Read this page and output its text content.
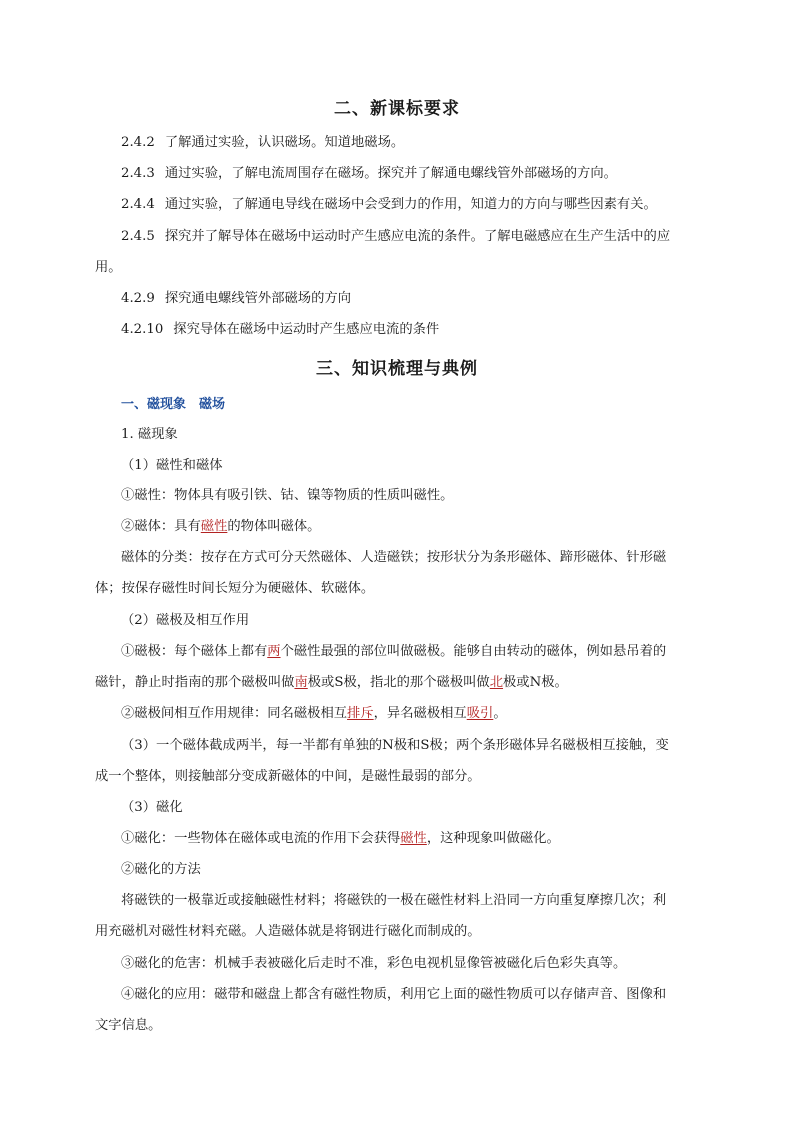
二、新课标要求
2.4.2 了解通过实验，认识磁场。知道地磁场。
2.4.3 通过实验，了解电流周围存在磁场。探究并了解通电螺线管外部磁场的方向。
2.4.4 通过实验，了解通电导线在磁场中会受到力的作用，知道力的方向与哪些因素有关。
2.4.5 探究并了解导体在磁场中运动时产生感应电流的条件。了解电磁感应在生产生活中的应
用。
4.2.9 探究通电螺线管外部磁场的方向
4.2.10 探究导体在磁场中运动时产生感应电流的条件
三、知识梳理与典例
一、磁现象　磁场
1. 磁现象
（1）磁性和磁体
①磁性：物体具有吸引铁、钴、镍等物质的性质叫磁性。
②磁体：具有磁性的物体叫磁体。
磁体的分类：按存在方式可分天然磁体、人造磁铁；按形状分为条形磁体、蹄形磁体、针形磁
体；按保存磁性时间长短分为硬磁体、软磁体。
（2）磁极及相互作用
①磁极：每个磁体上都有两个磁性最强的部位叫做磁极。能够自由转动的磁体，例如悬吊着的
磁针，静止时指南的那个磁极叫做南极或S极，指北的那个磁极叫做北极或N极。
②磁极间相互作用规律：同名磁极相互排斥，异名磁极相互吸引。
（3）一个磁体截成两半，每一半都有单独的N极和S极；两个条形磁体异名磁极相互接触，变
成一个整体，则接触部分变成新磁体的中间，是磁性最弱的部分。
（3）磁化
①磁化：一些物体在磁体或电流的作用下会获得磁性，这种现象叫做磁化。
②磁化的方法
将磁铁的一极靠近或接触磁性材料；将磁铁的一极在磁性材料上沿同一方向重复摩擦几次；利
用充磁机对磁性材料充磁。人造磁体就是将钢进行磁化而制成的。
③磁化的危害：机械手表被磁化后走时不准，彩色电视机显像管被磁化后色彩失真等。
④磁化的应用：磁带和磁盘上都含有磁性物质，利用它上面的磁性物质可以存储声音、图像和
文字信息。
